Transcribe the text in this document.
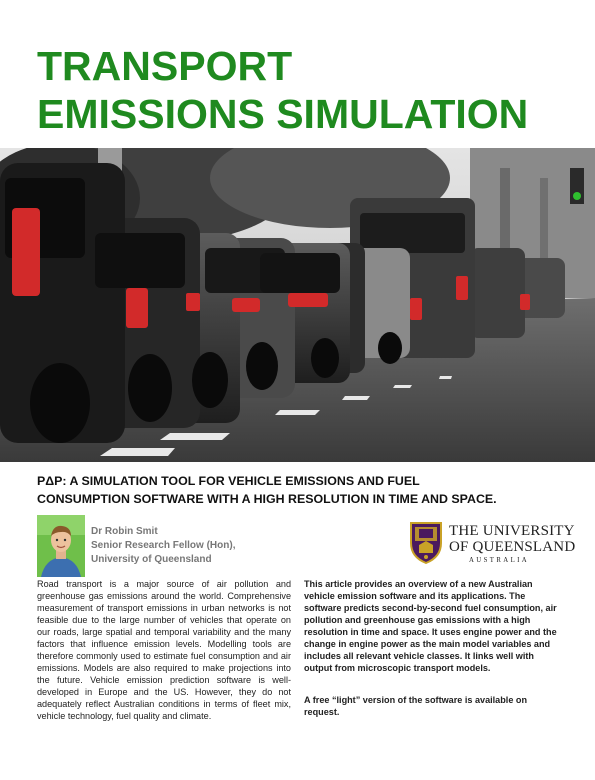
TRANSPORT
EMISSIONS SIMULATION
PΔP: A SIMULATION TOOL FOR VEHICLE EMISSIONS AND FUEL
CONSUMPTION SOFTWARE WITH A HIGH RESOLUTION IN TIME AND SPACE.
Dr Robin Smit
Senior Research Fellow (Hon),
University of Queensland
THE UNIVERSITY
OF QUEENSLAND
AUSTRALIA

Road transport is a major source of air pollution and greenhouse gas emissions around the world. Comprehensive measurement of transport emissions in urban networks is not feasible due to the large number of vehicles that operate on our roads, large spatial and temporal variability and the many factors that influence emission levels. Modelling tools are therefore commonly used to estimate fuel consumption and air emissions. Models are also required to make projections into the future. Vehicle emission prediction software is well-developed in Europe and the US. However, they do not adequately reflect Australian conditions in terms of fleet mix, vehicle technology, fuel quality and climate.

This article provides an overview of a new Australian vehicle emission software and its applications. The software predicts second-by-second fuel consumption, air pollution and greenhouse gas emissions with a high resolution in time and space. It uses engine power and the change in engine power as the main model variables and includes all relevant vehicle classes. It links well with output from microscopic transport models.

A free “light” version of the software is available on request.
